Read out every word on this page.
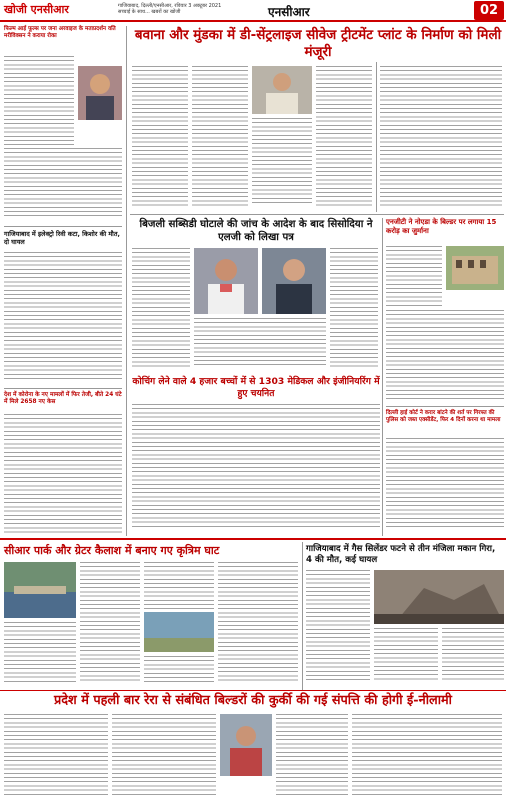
खोजी एनसीआर	गाजियाबाद, दिल्ली/एनसीआर, रविवार 3 अक्टूबर 2021
सच्चाई के साथ... खबरों का खोजी	एनसीआर	02
फिल्म आई फूल्स पर जना अरवाइज के मताप्रदर्शन वति मरीविक्सन ने कराया रोका
गाजियाबाद में इलेक्ट्रो रिवी कटा, किशोर की मौत, दो घायल
देश में कोरोना के नए मामलों में फिर तेजी, बीते 24 घंटे में मिले 2658 नए केस
बवाना और मुंडका में डी-सेंट्रलाइज सीवेज ट्रीटमेंट प्लांट के निर्माण को मिली मंजूरी
बिजली सब्सिडी घोटाले की जांच के आदेश के बाद सिसोदिया ने एलजी को लिखा पत्र
कोचिंग लेने वाले 4 हजार बच्चों में से 1303 मेडिकल और इंजीनियरिंग में हुए चयनित
एनजीटी ने नोएडा के बिल्डर पर लगाया 15 करोड़ का जुर्माना
दिल्ली हाई कोर्ट ने करार बांटने की शर्त पर गिरफ्त की पुलिस को जब्त एक्सीडेंट, फिर 4 दिनों करना था मामला
सीआर पार्क और ग्रेटर कैलाश में बनाए गए कृत्रिम घाट	गाजियाबाद में गैस सिलेंडर फटने से तीन मंजिला मकान गिरा, 4 की मौत, कई घायल
प्रदेश में पहली बार रेरा से संबंधित बिल्डरों की कुर्की की गई संपत्ति की होगी ई-नीलामी
